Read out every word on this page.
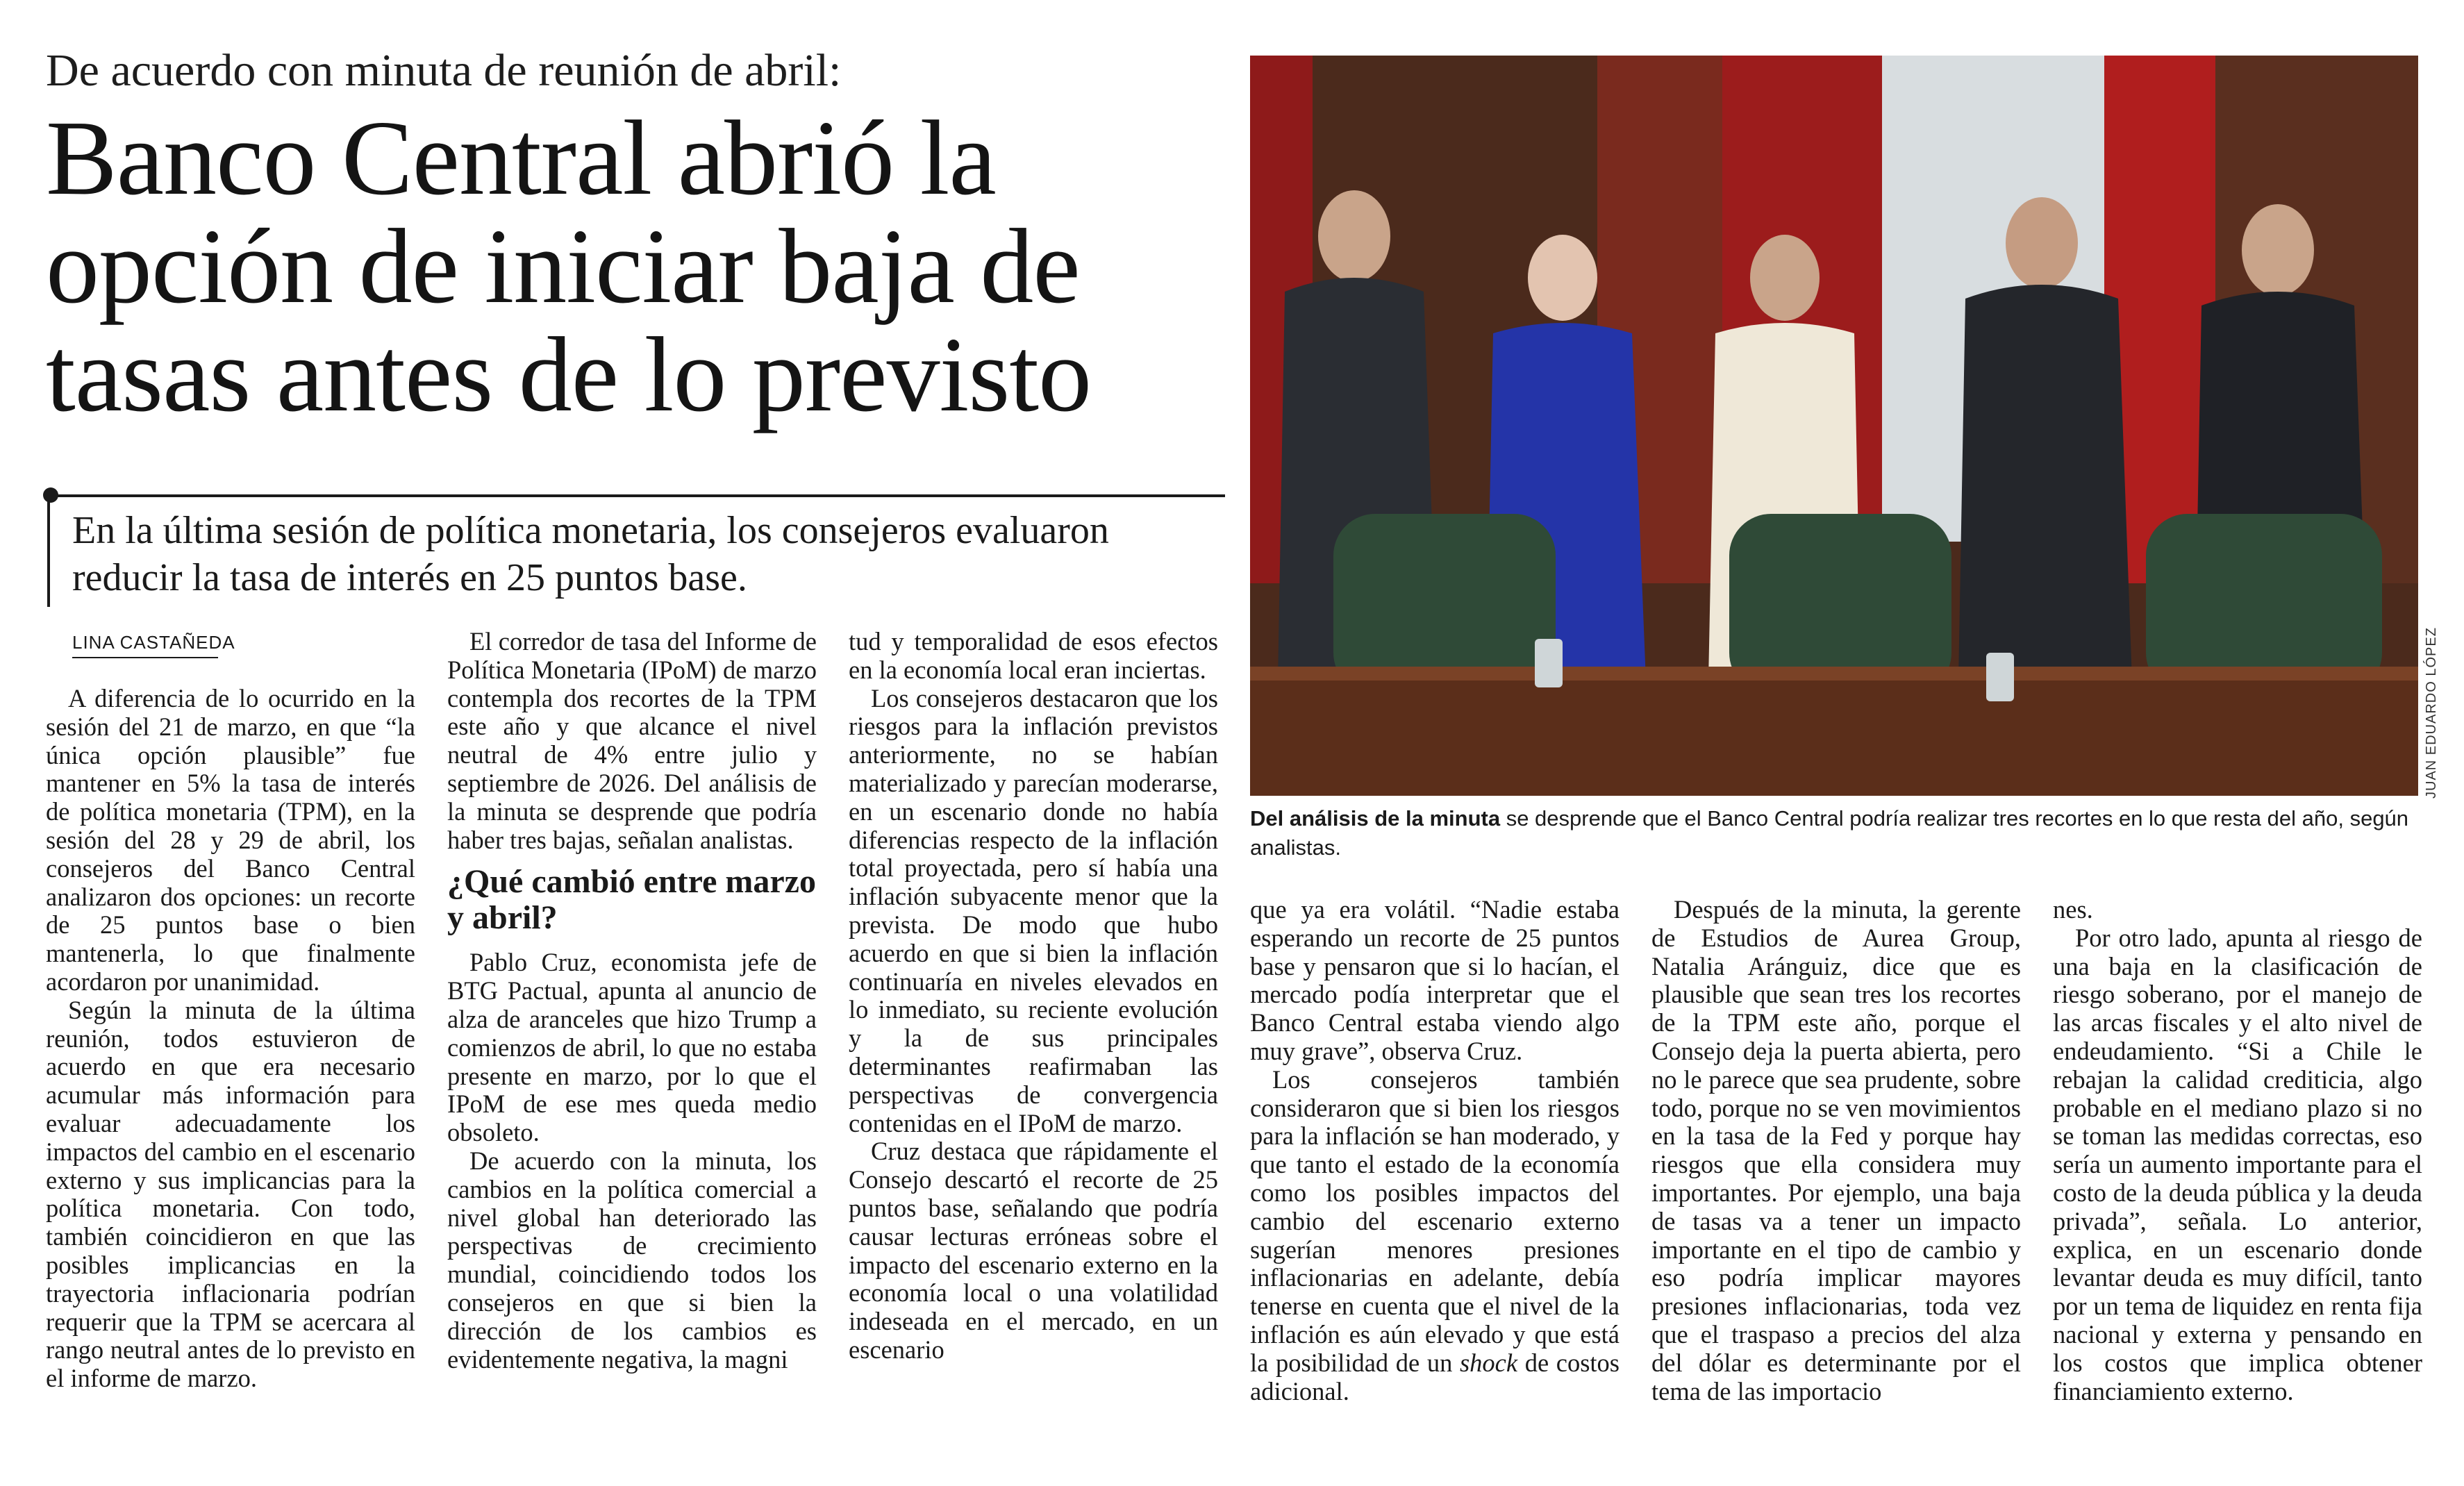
De acuerdo con minuta de reunión de abril:
Banco Central abrió la
opción de iniciar baja de
tasas antes de lo previsto
En la última sesión de política monetaria, los consejeros evaluaron reducir la tasa de interés en 25 puntos base.
LINA CASTAÑEDA	JUAN EDUARDO LÓPEZ
Del análisis de la minuta se desprende que el Banco Central podría realizar tres recortes en lo que resta del año, según analistas.

A diferencia de lo ocurrido en la sesión del 21 de marzo, en que “la única opción plausible” fue mantener en 5% la tasa de interés de política monetaria (TPM), en la sesión del 28 y 29 de abril, los consejeros del Banco Central analizaron dos opciones: un recorte de 25 puntos base o bien mantenerla, lo que finalmente acordaron por unanimidad.

Según la minuta de la última reunión, todos estuvieron de acuerdo en que era necesario acumular más información para evaluar adecuadamente los impactos del cambio en el escenario externo y sus implicancias para la política monetaria. Con todo, también coincidieron en que las posibles implicancias en la trayectoria inflacionaria podrían requerir que la TPM se acercara al rango neutral antes de lo previsto en el informe de marzo.

El corredor de tasa del Informe de Política Monetaria (IPoM) de marzo contempla dos recortes de la TPM este año y que alcance el nivel neutral de 4% entre julio y septiembre de 2026. Del análisis de la minuta se desprende que podría haber tres bajas, señalan analistas.

¿Qué cambió entre marzo y abril?

Pablo Cruz, economista jefe de BTG Pactual, apunta al anuncio de alza de aranceles que hizo Trump a comienzos de abril, lo que no estaba presente en marzo, por lo que el IPoM de ese mes queda medio obsoleto.

De acuerdo con la minuta, los cambios en la política comercial a nivel global han deteriorado las perspectivas de crecimiento mundial, coincidiendo todos los consejeros en que si bien la dirección de los cambios es evidentemente negativa, la magni

tud y temporalidad de esos efectos en la economía local eran inciertas.

Los consejeros destacaron que los riesgos para la inflación previstos anteriormente, no se habían materializado y parecían moderarse, en un escenario donde no había diferencias respecto de la inflación total proyectada, pero sí había una inflación subyacente menor que la prevista. De modo que hubo acuerdo en que si bien la inflación continuaría en niveles elevados en lo inmediato, su reciente evolución y la de sus principales determinantes reafirmaban las perspectivas de convergencia contenidas en el IPoM de marzo.

Cruz destaca que rápidamente el Consejo descartó el recorte de 25 puntos base, señalando que podría causar lecturas erróneas sobre el impacto del escenario externo en la economía local o una volatilidad indeseada en el mercado, en un escenario

que ya era volátil. “Nadie estaba esperando un recorte de 25 puntos base y pensaron que si lo hacían, el mercado podía interpretar que el Banco Central estaba viendo algo muy grave”, observa Cruz.

Los consejeros también consideraron que si bien los riesgos para la inflación se han moderado, y que tanto el estado de la economía como los posibles impactos del cambio del escenario externo sugerían menores presiones inflacionarias en adelante, debía tenerse en cuenta que el nivel de la inflación es aún elevado y que está la posibilidad de un shock de costos adicional.

Después de la minuta, la gerente de Estudios de Aurea Group, Natalia Aránguiz, dice que es plausible que sean tres los recortes de la TPM este año, porque el Consejo deja la puerta abierta, pero no le parece que sea prudente, sobre todo, porque no se ven movimientos en la tasa de la Fed y porque hay riesgos que ella considera muy importantes. Por ejemplo, una baja de tasas va a tener un impacto importante en el tipo de cambio y eso podría implicar mayores presiones inflacionarias, toda vez que el traspaso a precios del alza del dólar es determinante por el tema de las importacio

nes.

Por otro lado, apunta al riesgo de una baja en la clasificación de riesgo soberano, por el manejo de las arcas fiscales y el alto nivel de endeudamiento. “Si a Chile le rebajan la calidad crediticia, algo probable en el mediano plazo si no se toman las medidas correctas, eso sería un aumento importante para el costo de la deuda pública y la deuda privada”, señala. Lo anterior, explica, en un escenario donde levantar deuda es muy difícil, tanto por un tema de liquidez en renta fija nacional y externa y pensando en los costos que implica obtener financiamiento externo.
